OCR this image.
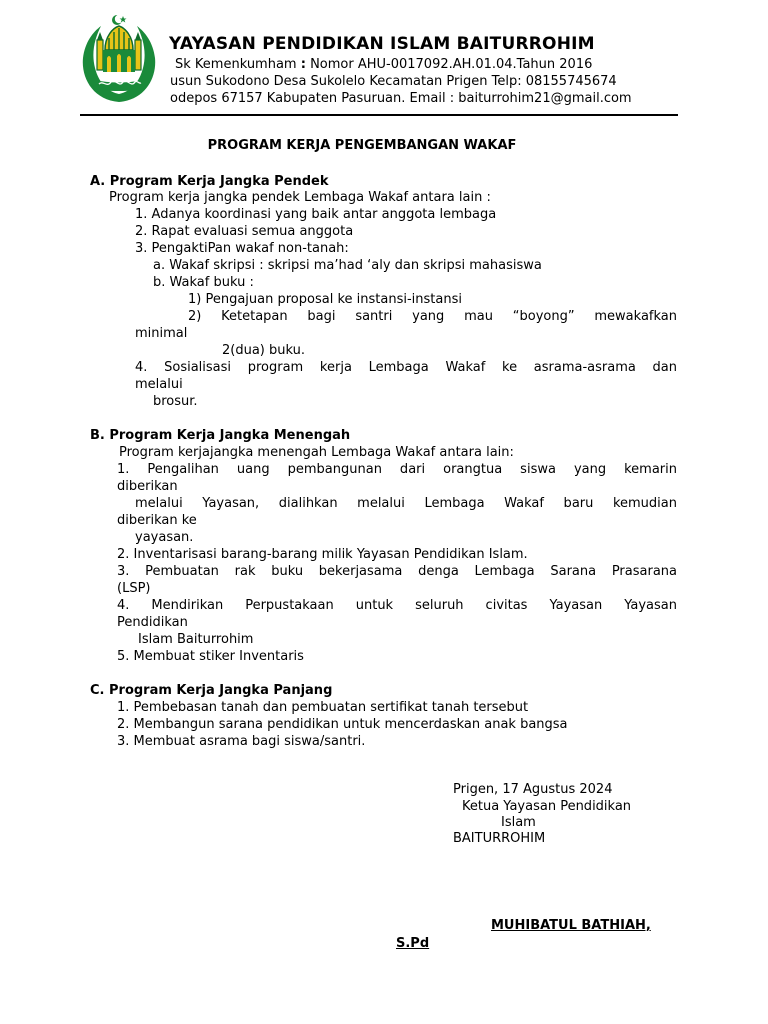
YAYASAN PENDIDIKAN ISLAM BAITURROHIM
Sk Kemenkumham : Nomor AHU-0017092.AH.01.04.Tahun 2016
usun Sukodono Desa Sukolelo Kecamatan Prigen Telp: 08155745674
odepos 67157 Kabupaten Pasuruan. Email : baiturrohim21@gmail.com
PROGRAM KERJA PENGEMBANGAN WAKAF
A. Program Kerja Jangka Pendek
Program kerja jangka pendek Lembaga Wakaf antara lain :
1. Adanya koordinasi yang baik antar anggota lembaga
2. Rapat evaluasi semua anggota
3. PengaktiPan wakaf non-tanah:
a. Wakaf skripsi : skripsi ma’had ‘aly dan skripsi mahasiswa
b. Wakaf buku :
1) Pengajuan proposal ke instansi-instansi
2) Ketetapan bagi santri yang mau “boyong” mewakafkan
minimal
2(dua) buku.
4. Sosialisasi program kerja Lembaga Wakaf ke asrama-asrama dan
melalui
brosur.
B. Program Kerja Jangka Menengah
Program kerjajangka menengah Lembaga Wakaf antara lain:
1. Pengalihan uang pembangunan dari orangtua siswa yang kemarin
diberikan
melalui Yayasan, dialihkan melalui Lembaga Wakaf baru kemudian
diberikan ke
yayasan.
2. Inventarisasi barang-barang milik Yayasan Pendidikan Islam.
3. Pembuatan rak buku bekerjasama denga Lembaga Sarana Prasarana
(LSP)
4. Mendirikan Perpustakaan untuk seluruh civitas Yayasan Yayasan
Pendidikan
Islam Baiturrohim
5. Membuat stiker Inventaris
C. Program Kerja Jangka Panjang
1. Pembebasan tanah dan pembuatan sertifikat tanah tersebut
2. Membangun sarana pendidikan untuk mencerdaskan anak bangsa
3. Membuat asrama bagi siswa/santri.
Prigen, 17 Agustus 2024
Ketua Yayasan Pendidikan
Islam
BAITURROHIM
MUHIBATUL BATHIAH,
S.Pd
